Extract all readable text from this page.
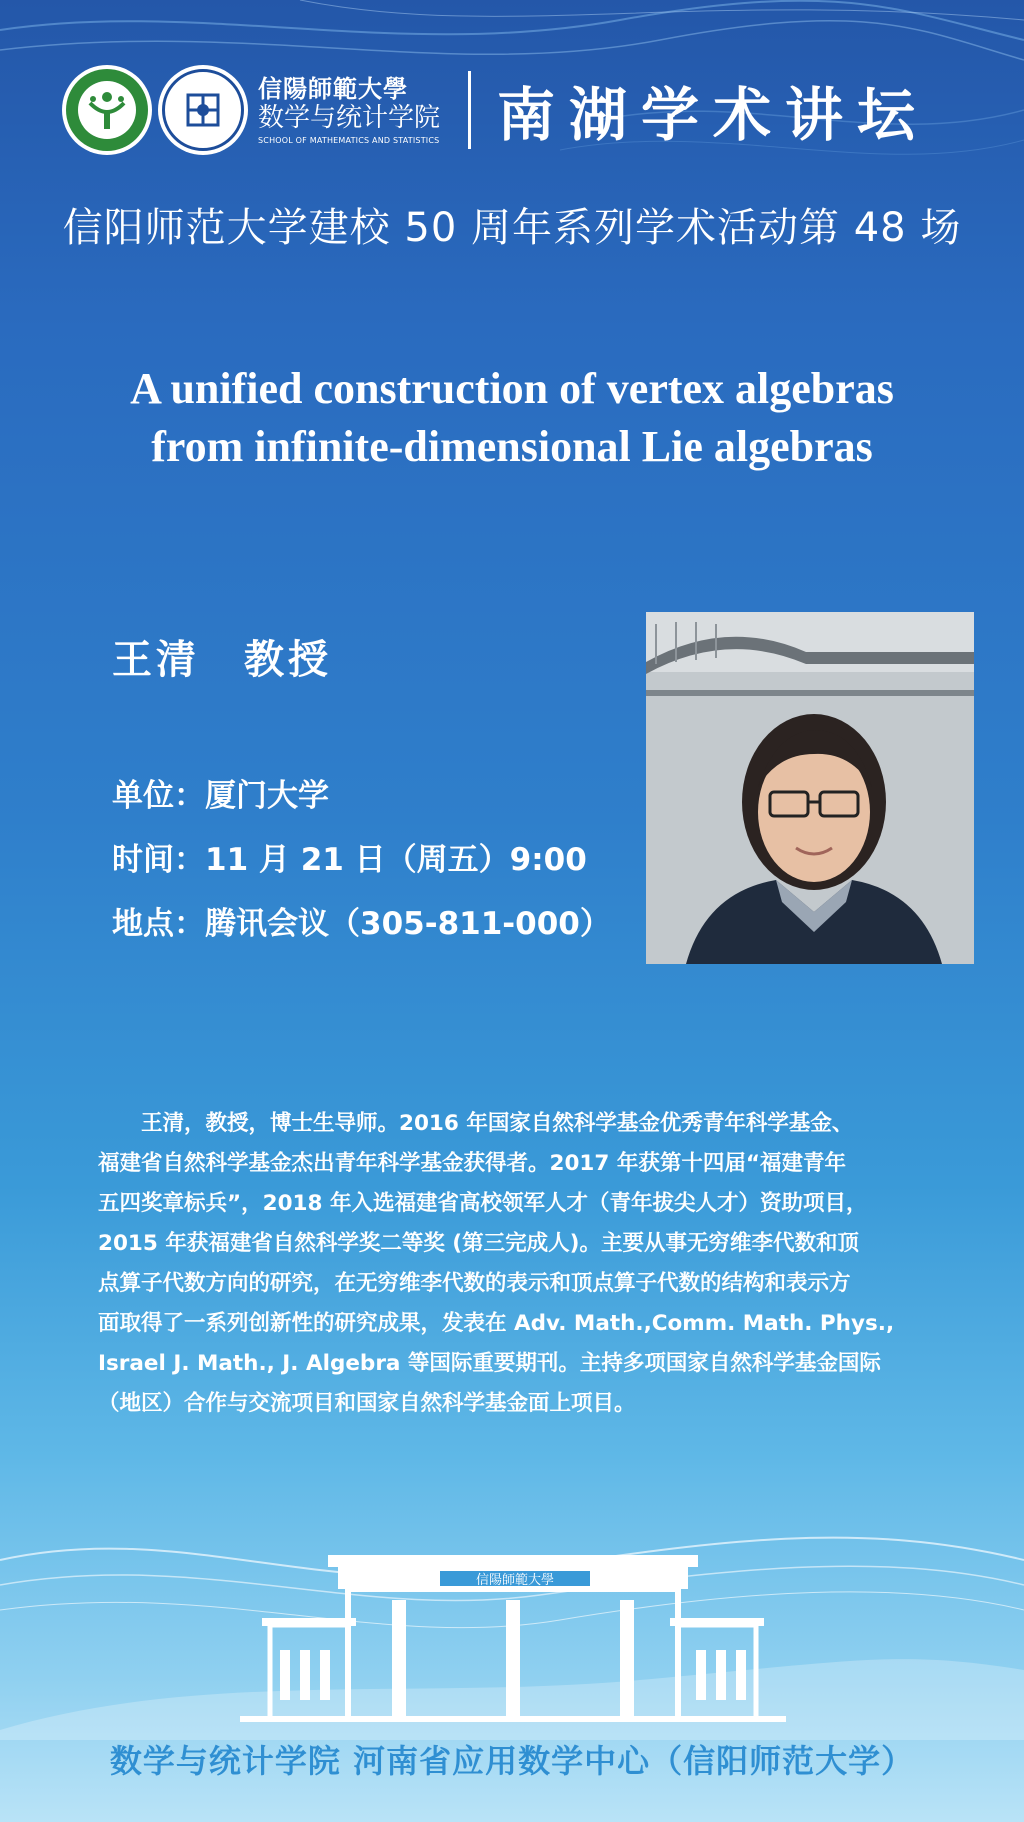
信陽師範大學
数学与统计学院
SCHOOL OF MATHEMATICS AND STATISTICS 南湖学术讲坛
信阳师范大学建校 50 周年系列学术活动第 48 场
A unified construction of vertex algebras
from infinite-dimensional Lie algebras
王清　教授
单位：厦门大学
时间：11 月 21 日（周五）9:00
地点：腾讯会议（305-811-000）
　　王清，教授，博士生导师。2016 年国家自然科学基金优秀青年科学基金、
福建省自然科学基金杰出青年科学基金获得者。2017 年获第十四届“福建青年
五四奖章标兵”，2018 年入选福建省高校领军人才（青年拔尖人才）资助项目，
2015 年获福建省自然科学奖二等奖 (第三完成人)。主要从事无穷维李代数和顶
点算子代数方向的研究，在无穷维李代数的表示和顶点算子代数的结构和表示方
面取得了一系列创新性的研究成果，发表在 Adv. Math.,Comm. Math. Phys.,
Israel J. Math., J. Algebra 等国际重要期刊。主持多项国家自然科学基金国际
（地区）合作与交流项目和国家自然科学基金面上项目。
信陽師範大學
数学与统计学院 河南省应用数学中心（信阳师范大学）
